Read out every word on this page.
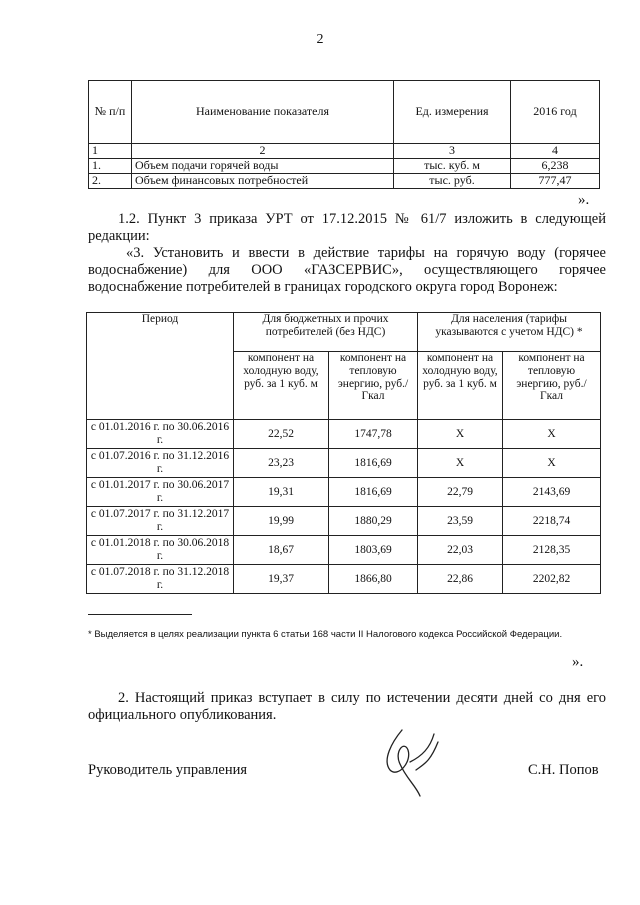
2
№ п/п	Наименование показателя	Ед. измерения	2016 год
1	2	3	4
1.	Объем подачи горячей воды	тыс. куб. м	6,238
2.	Объем финансовых потребностей	тыс. руб.	777,47
».
1.2. Пункт 3 приказа УРТ от 17.12.2015 № 61/7 изложить в следующей редакции:
«3. Установить и ввести в действие тарифы на горячую воду (горячее водоснабжение) для ООО «ГАЗСЕРВИС», осуществляющего горячее водоснабжение потребителей в границах городского округа город Воронеж:
Период	Для бюджетных и прочих потребителей (без НДС)		Для населения (тарифы указываются с учетом НДС) *	
	компонент на холодную воду, руб. за 1 куб. м	компонент на тепловую энергию, руб./Гкал	компонент на холодную воду, руб. за 1 куб. м	компонент на тепловую энергию, руб./Гкал
с 01.01.2016 г. по 30.06.2016 г.	22,52	1747,78	Х	Х
с 01.07.2016 г. по 31.12.2016 г.	23,23	1816,69	Х	Х
с 01.01.2017 г. по 30.06.2017 г.	19,31	1816,69	22,79	2143,69
с 01.07.2017 г. по 31.12.2017 г.	19,99	1880,29	23,59	2218,74
с 01.01.2018 г. по 30.06.2018 г.	18,67	1803,69	22,03	2128,35
с 01.07.2018 г. по 31.12.2018 г.	19,37	1866,80	22,86	2202,82
* Выделяется в целях реализации пункта 6 статьи 168 части II Налогового кодекса Российской Федерации.
».
2. Настоящий приказ вступает в силу по истечении десяти дней со дня его официального опубликования.
Руководитель управления	С.Н. Попов
